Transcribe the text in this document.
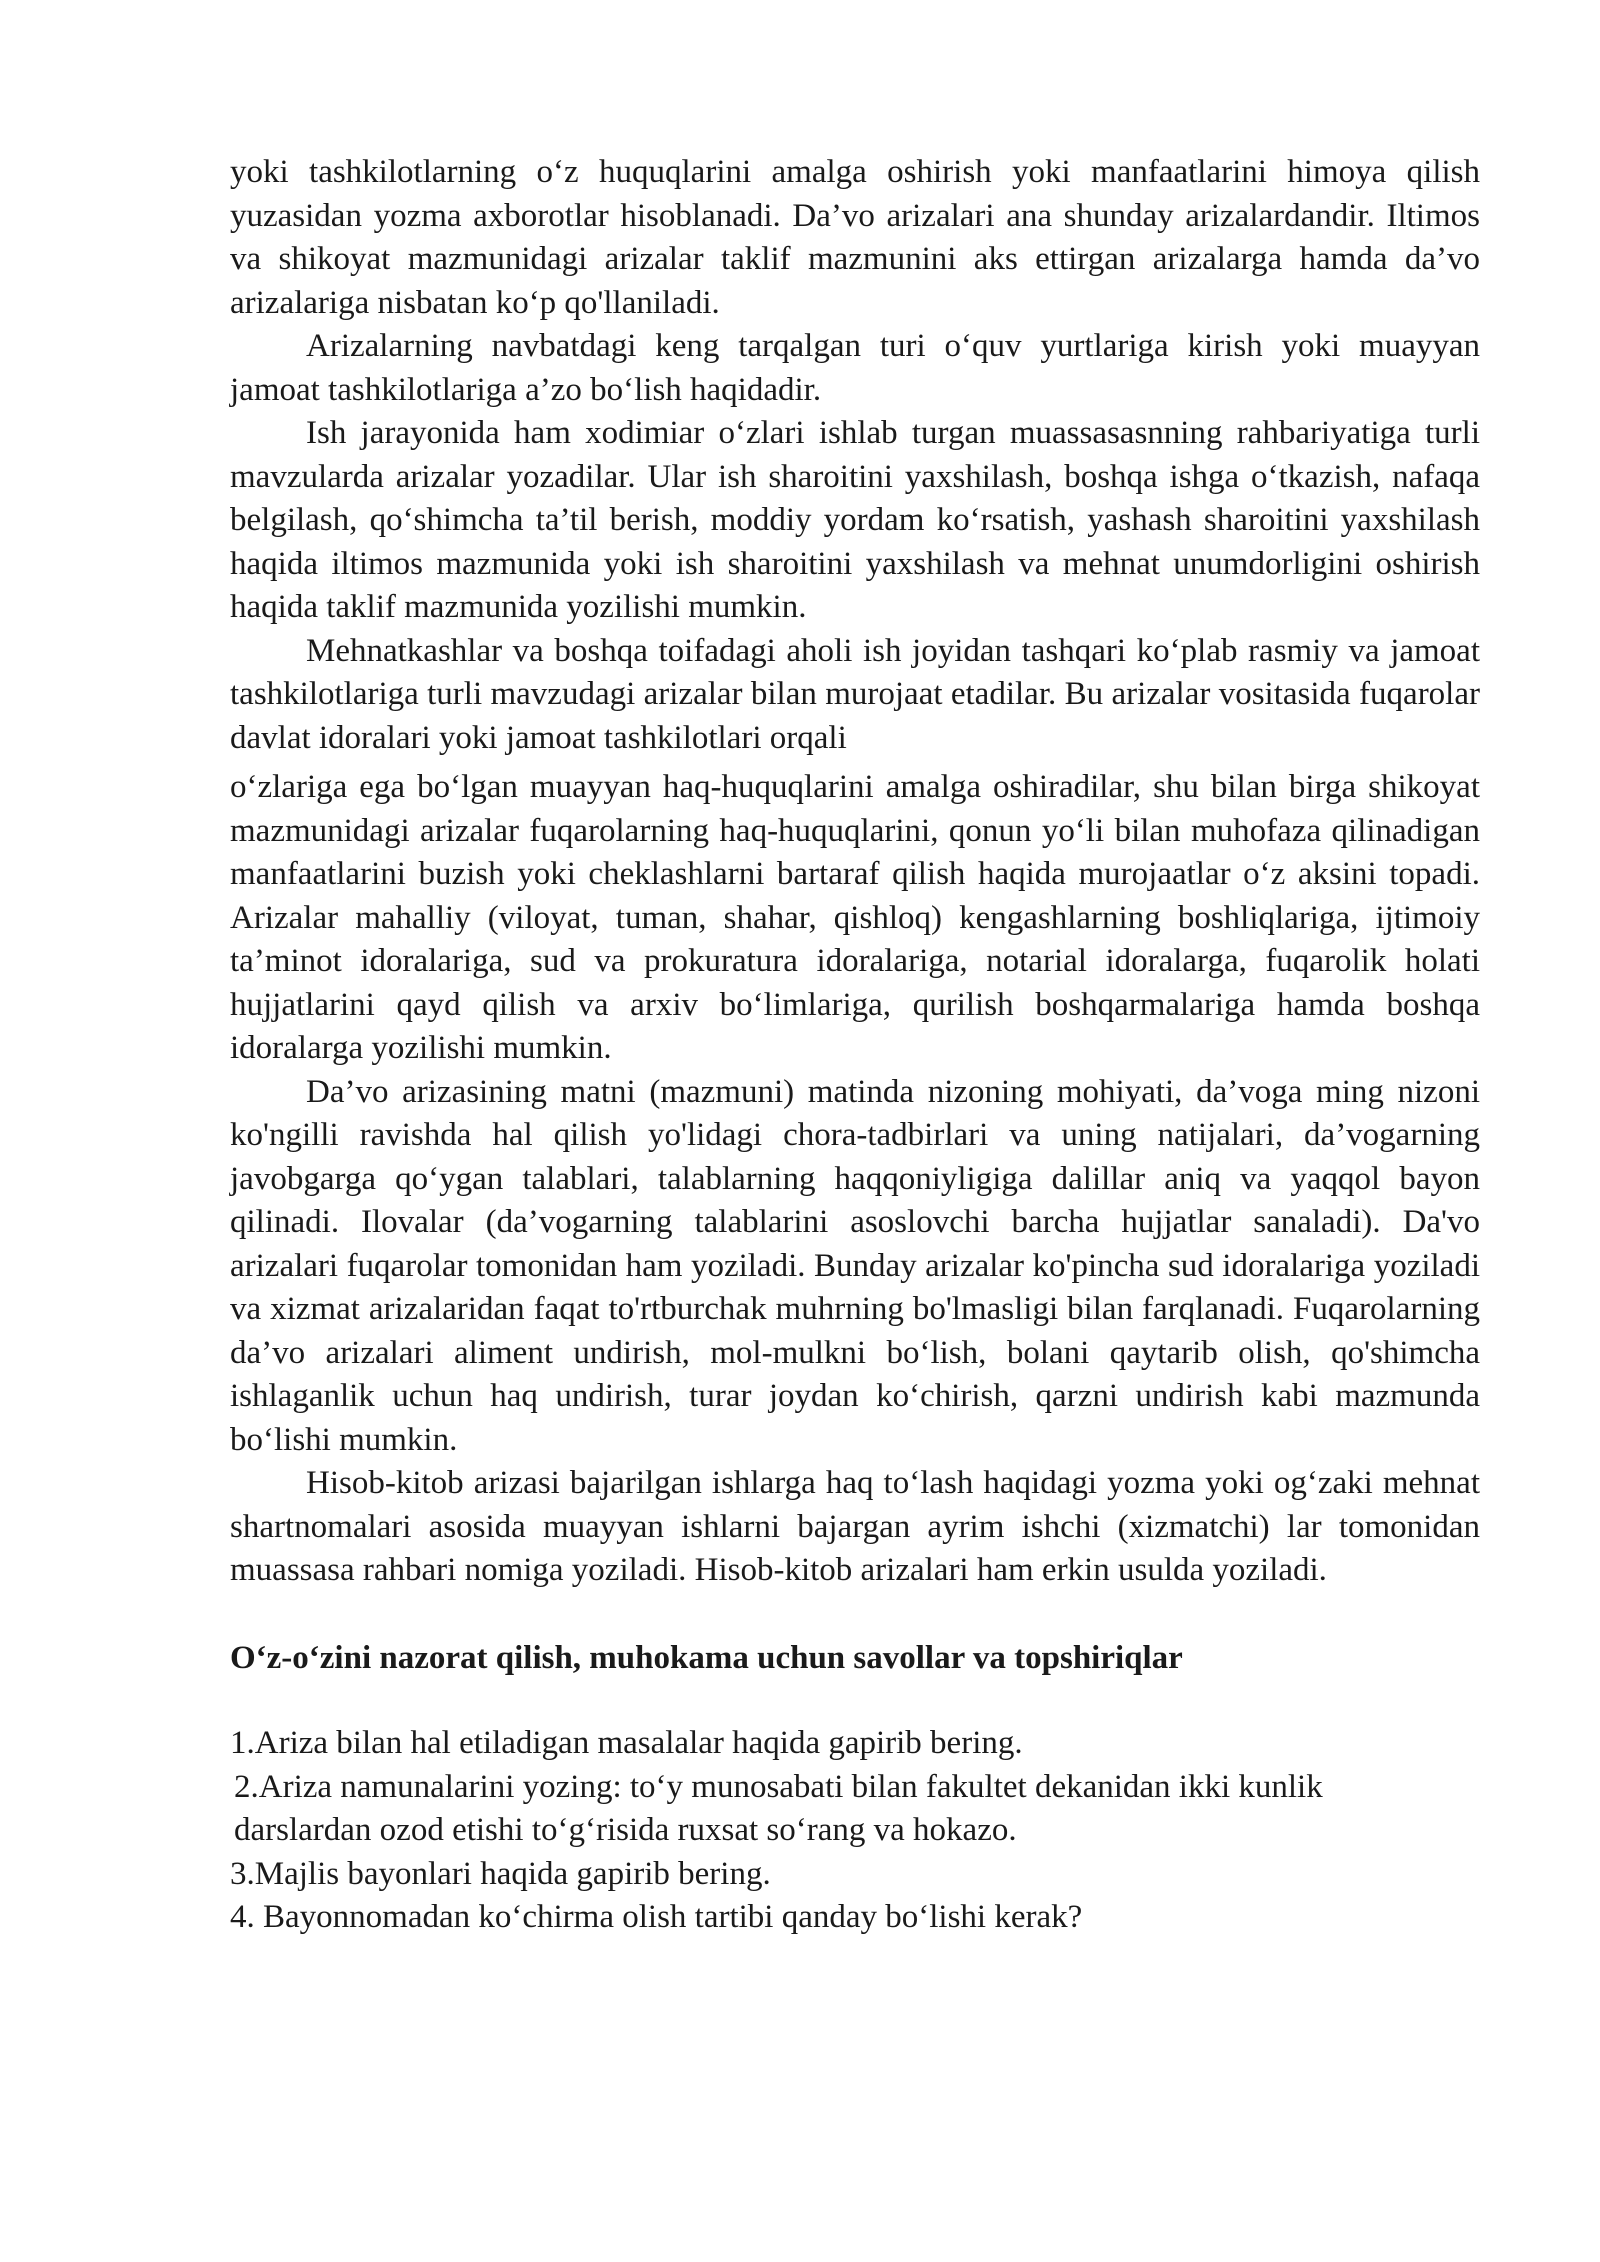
yoki tashkilotlarning o‘z huquqlarini amalga oshirish yoki manfaatlarini himoya qilish yuzasidan yozma axborotlar hisoblanadi. Da’vo arizalari ana shunday arizalardandir. Iltimos va shikoyat mazmunidagi arizalar taklif mazmunini aks ettirgan arizalarga hamda da’vo arizalariga nisbatan ko‘p qo'llaniladi.

Arizalarning navbatdagi keng tarqalgan turi o‘quv yurtlariga kirish yoki muayyan jamoat tashkilotlariga a’zo bo‘lish haqidadir.

Ish jarayonida ham xodimiar o‘zlari ishlab turgan muassasasnning rahbariyatiga turli mavzularda arizalar yozadilar. Ular ish sharoitini yaxshilash, boshqa ishga o‘tkazish, nafaqa belgilash, qo‘shimcha ta’til berish, moddiy yordam ko‘rsatish, yashash sharoitini yaxshilash haqida iltimos mazmunida yoki ish sharoitini yaxshilash va mehnat unumdorligini oshirish haqida taklif mazmunida yozilishi mumkin.

Mehnatkashlar va boshqa toifadagi aholi ish joyidan tashqari ko‘plab rasmiy va jamoat tashkilotlariga turli mavzudagi arizalar bilan murojaat etadilar. Bu arizalar vositasida fuqarolar davlat idoralari yoki jamoat tashkilotlari orqali

o‘zlariga ega bo‘lgan muayyan haq-huquqlarini amalga oshiradilar, shu bilan birga shikoyat mazmunidagi arizalar fuqarolarning haq-huquqlarini, qonun yo‘li bilan muhofaza qilinadigan manfaatlarini buzish yoki cheklashlarni bartaraf qilish haqida murojaatlar o‘z aksini topadi. Arizalar mahalliy (viloyat, tuman, shahar, qishloq) kengashlarning boshliqlariga, ijtimoiy ta’minot idoralariga, sud va prokuratura idoralariga, notarial idoralarga, fuqarolik holati hujjatlarini qayd qilish va arxiv bo‘limlariga, qurilish boshqarmalariga hamda boshqa idoralarga yozilishi mumkin.

Da’vo arizasining matni (mazmuni) matinda nizoning mohiyati, da’voga ming nizoni ko'ngilli ravishda hal qilish yo'lidagi chora-tadbirlari va uning natijalari, da’vogarning javobgarga qo‘ygan talablari, talablarning haqqoniyligiga dalillar aniq va yaqqol bayon qilinadi. Ilovalar (da’vogarning talablarini asoslovchi barcha hujjatlar sanaladi). Da'vo arizalari fuqarolar tomonidan ham yoziladi. Bunday arizalar ko'pincha sud idoralariga yoziladi va xizmat arizalaridan faqat to'rtburchak muhrning bo'lmasligi bilan farqlanadi. Fuqarolarning da’vo arizalari aliment undirish, mol-mulkni bo‘lish, bolani qaytarib olish, qo'shimcha ishlaganlik uchun haq undirish, turar joydan ko‘chirish, qarzni undirish kabi mazmunda bo‘lishi mumkin.

Hisob-kitob arizasi bajarilgan ishlarga haq to‘lash haqidagi yozma yoki og‘zaki mehnat shartnomalari asosida muayyan ishlarni bajargan ayrim ishchi (xizmatchi) lar tomonidan muassasa rahbari nomiga yoziladi. Hisob-kitob arizalari ham erkin usulda yoziladi.

O‘z-o‘zini nazorat qilish, muhokama uchun savollar va topshiriqlar

1.Ariza bilan hal etiladigan masalalar haqida gapirib bering.

2.Ariza namunalarini yozing: to‘y munosabati bilan fakultet dekanidan ikki kunlik darslardan ozod etishi to‘g‘risida ruxsat so‘rang va hokazo.

3.Majlis bayonlari haqida gapirib bering.

4. Bayonnomadan ko‘chirma olish tartibi qanday bo‘lishi kerak?
